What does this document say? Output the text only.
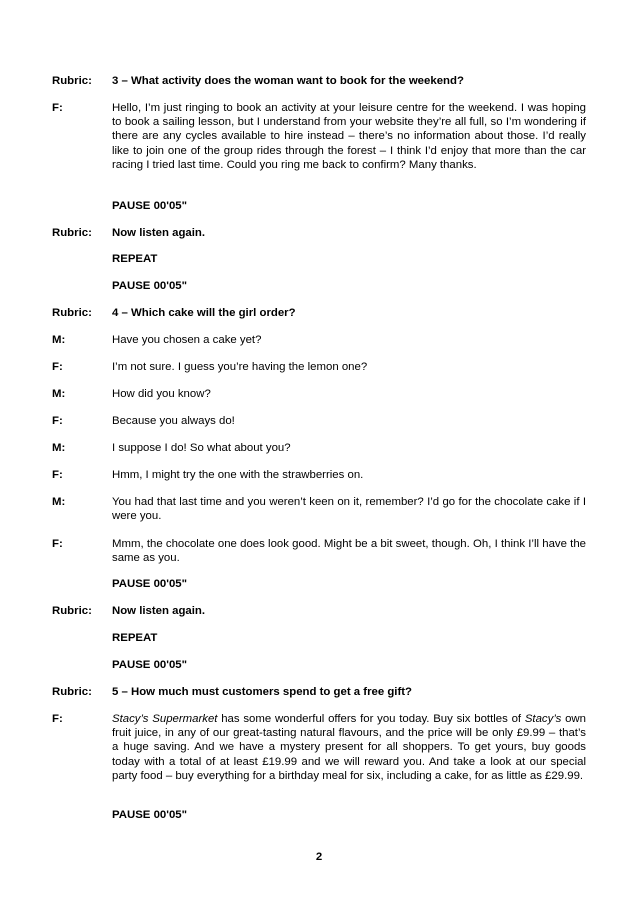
Rubric:	3 – What activity does the woman want to book for the weekend?
F:	Hello, I’m just ringing to book an activity at your leisure centre for the weekend. I was hoping to book a sailing lesson, but I understand from your website they’re all full, so I’m wondering if there are any cycles available to hire instead – there’s no information about those. I’d really like to join one of the group rides through the forest – I think I’d enjoy that more than the car racing I tried last time. Could you ring me back to confirm? Many thanks.
PAUSE 00'05"
Rubric:	Now listen again.
REPEAT
PAUSE 00'05"
Rubric:	4 – Which cake will the girl order?
M:	Have you chosen a cake yet?
F:	I’m not sure. I guess you’re having the lemon one?
M:	How did you know?
F:	Because you always do!
M:	I suppose I do! So what about you?
F:	Hmm, I might try the one with the strawberries on.
M:	You had that last time and you weren’t keen on it, remember? I’d go for the chocolate cake if I were you.
F:	Mmm, the chocolate one does look good. Might be a bit sweet, though. Oh, I think I’ll have the same as you.
PAUSE 00'05"
Rubric:	Now listen again.
REPEAT
PAUSE 00'05"
Rubric:	5 – How much must customers spend to get a free gift?
F:	Stacy’s Supermarket has some wonderful offers for you today. Buy six bottles of Stacy’s own fruit juice, in any of our great-tasting natural flavours, and the price will be only £9.99 – that’s a huge saving. And we have a mystery present for all shoppers. To get yours, buy goods today with a total of at least £19.99 and we will reward you. And take a look at our special party food – buy everything for a birthday meal for six, including a cake, for as little as £29.99.
PAUSE 00'05"
2
